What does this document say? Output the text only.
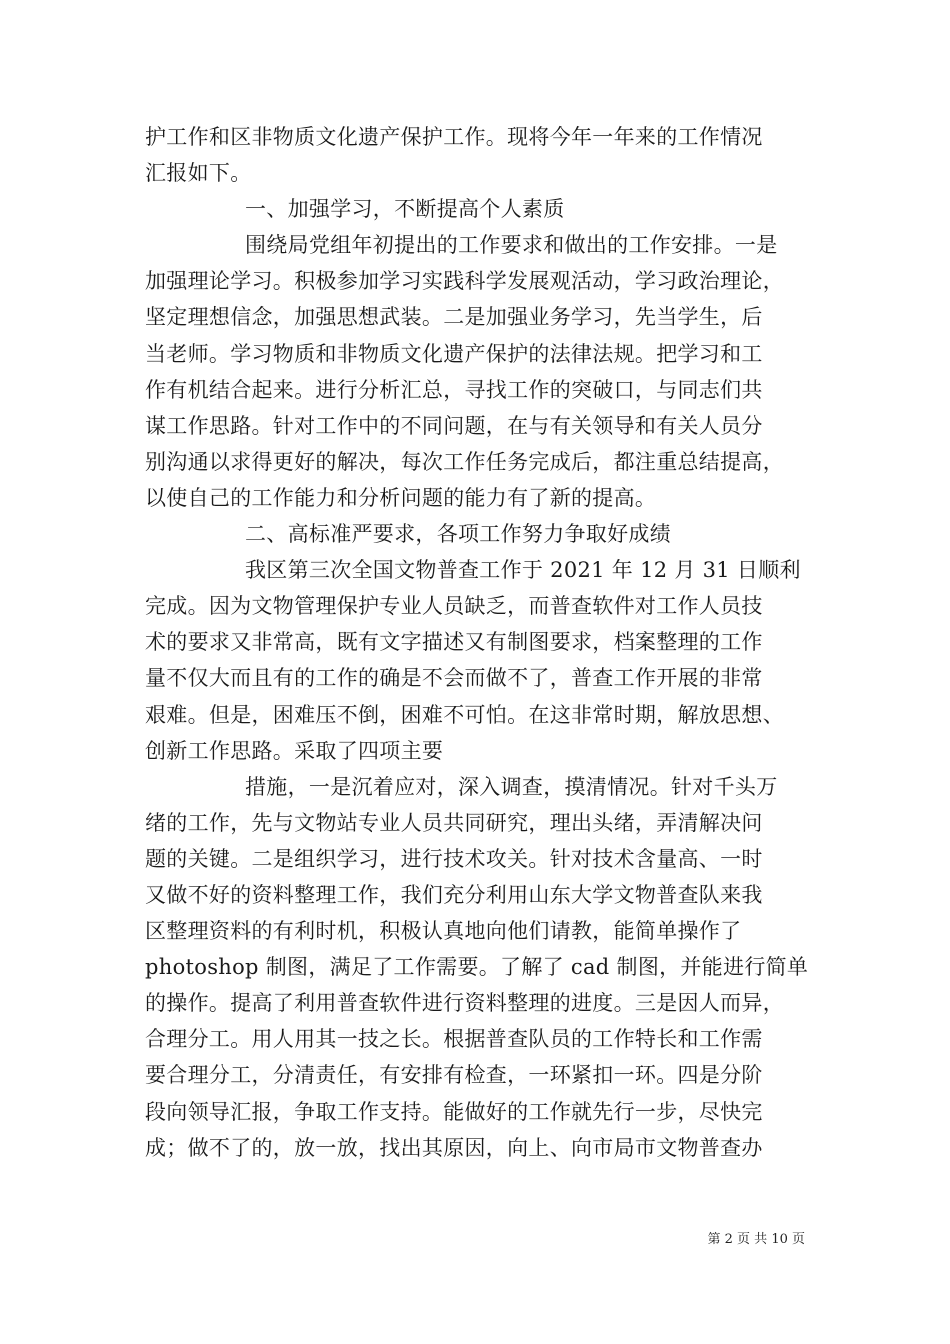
护工作和区非物质文化遗产保护工作。现将今年一年来的工作情况
汇报如下。
一、加强学习，不断提高个人素质
围绕局党组年初提出的工作要求和做出的工作安排。一是
加强理论学习。积极参加学习实践科学发展观活动，学习政治理论，
坚定理想信念，加强思想武装。二是加强业务学习，先当学生，后
当老师。学习物质和非物质文化遗产保护的法律法规。把学习和工
作有机结合起来。进行分析汇总，寻找工作的突破口，与同志们共
谋工作思路。针对工作中的不同问题，在与有关领导和有关人员分
别沟通以求得更好的解决，每次工作任务完成后，都注重总结提高，
以使自己的工作能力和分析问题的能力有了新的提高。
二、高标准严要求，各项工作努力争取好成绩
我区第三次全国文物普查工作于 2021 年 12 月 31 日顺利
完成。因为文物管理保护专业人员缺乏，而普查软件对工作人员技
术的要求又非常高，既有文字描述又有制图要求，档案整理的工作
量不仅大而且有的工作的确是不会而做不了，普查工作开展的非常
艰难。但是，困难压不倒，困难不可怕。在这非常时期，解放思想、
创新工作思路。采取了四项主要
措施，一是沉着应对，深入调查，摸清情况。针对千头万
绪的工作，先与文物站专业人员共同研究，理出头绪，弄清解决问
题的关键。二是组织学习，进行技术攻关。针对技术含量高、一时
又做不好的资料整理工作，我们充分利用山东大学文物普查队来我
区整理资料的有利时机，积极认真地向他们请教，能简单操作了
photoshop 制图，满足了工作需要。了解了 cad 制图，并能进行简单
的操作。提高了利用普查软件进行资料整理的进度。三是因人而异，
合理分工。用人用其一技之长。根据普查队员的工作特长和工作需
要合理分工，分清责任，有安排有检查，一环紧扣一环。四是分阶
段向领导汇报，争取工作支持。能做好的工作就先行一步，尽快完
成；做不了的，放一放，找出其原因，向上、向市局市文物普查办
第 2 页 共 10 页
